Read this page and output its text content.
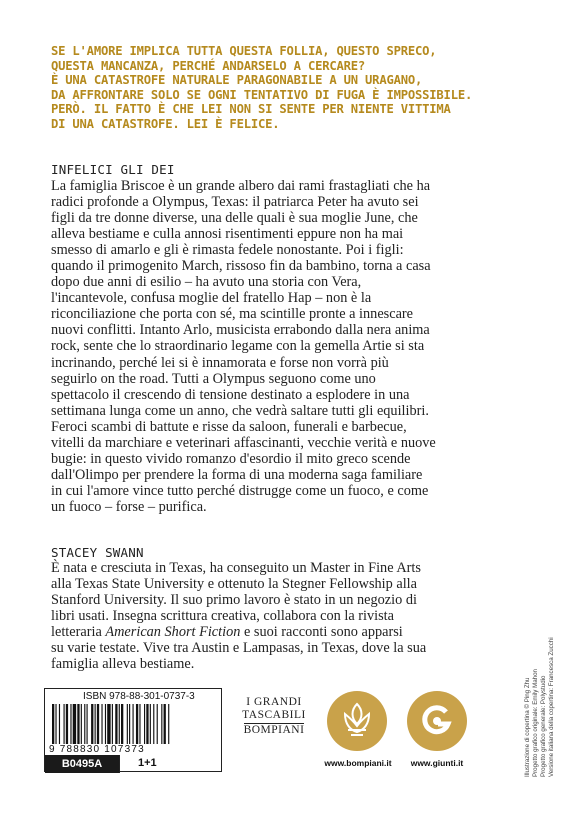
SE L'AMORE IMPLICA TUTTA QUESTA FOLLIA, QUESTO SPRECO,
QUESTA MANCANZA, PERCHÉ ANDARSELO A CERCARE?
È UNA CATASTROFE NATURALE PARAGONABILE A UN URAGANO,
DA AFFRONTARE SOLO SE OGNI TENTATIVO DI FUGA È IMPOSSIBILE.
PERÒ. IL FATTO È CHE LEI NON SI SENTE PER NIENTE VITTIMA
DI UNA CATASTROFE. LEI È FELICE.
INFELICI GLI DEI
La famiglia Briscoe è un grande albero dai rami frastagliati che ha
radici profonde a Olympus, Texas: il patriarca Peter ha avuto sei
figli da tre donne diverse, una delle quali è sua moglie June, che
alleva bestiame e culla annosi risentimenti eppure non ha mai
smesso di amarlo e gli è rimasta fedele nonostante. Poi i figli:
quando il primogenito March, rissoso fin da bambino, torna a casa
dopo due anni di esilio – ha avuto una storia con Vera,
l'incantevole, confusa moglie del fratello Hap – non è la
riconciliazione che porta con sé, ma scintille pronte a innescare
nuovi conflitti. Intanto Arlo, musicista errabondo dalla nera anima
rock, sente che lo straordinario legame con la gemella Artie si sta
incrinando, perché lei si è innamorata e forse non vorrà più
seguirlo on the road. Tutti a Olympus seguono come uno
spettacolo il crescendo di tensione destinato a esplodere in una
settimana lunga come un anno, che vedrà saltare tutti gli equilibri.
Feroci scambi di battute e risse da saloon, funerali e barbecue,
vitelli da marchiare e veterinari affascinanti, vecchie verità e nuove
bugie: in questo vivido romanzo d'esordio il mito greco scende
dall'Olimpo per prendere la forma di una moderna saga familiare
in cui l'amore vince tutto perché distrugge come un fuoco, e come
un fuoco – forse – purifica.
STACEY SWANN
È nata e cresciuta in Texas, ha conseguito un Master in Fine Arts
alla Texas State University e ottenuto la Stegner Fellowship alla
Stanford University. Il suo primo lavoro è stato in un negozio di
libri usati. Insegna scrittura creativa, collabora con la rivista
letteraria American Short Fiction e suoi racconti sono apparsi
su varie testate. Vive tra Austin e Lampasas, in Texas, dove la sua
famiglia alleva bestiame.
ISBN 978-88-301-0737-3
9 788830 107373
B0495A	1+1
I GRANDI
TASCABILI
BOMPIANI
www.bompiani.it	www.giunti.it	Illustrazione di copertina © Ping Zhu Progetto grafico originale: Emily Mahon Progetto grafico generale: Polystudio Versione italiana della copertina: Francesca Zucchi
